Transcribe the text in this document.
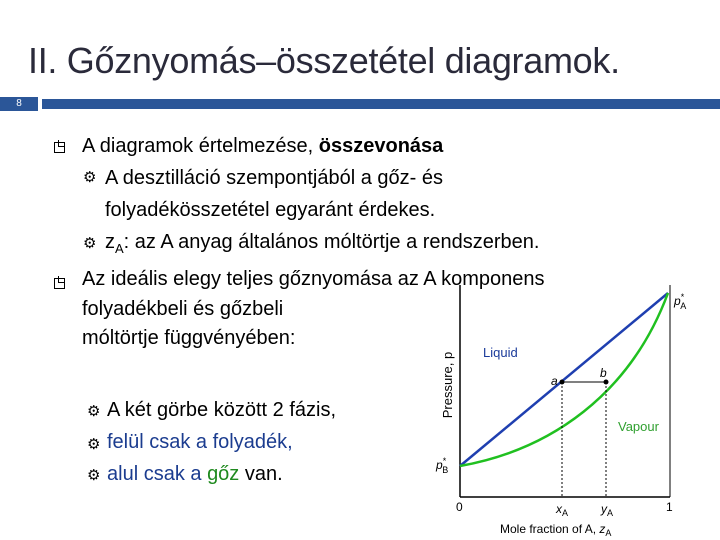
II. Gőznyomás–összetétel diagramok.
8
A diagramok értelmezése, összevonása
⚙ A desztilláció szempontjából a gőz- és
folyadékösszetétel egyaránt érdekes.
⚙ $z_A$: az A anyag általános móltörtje a rendszerben.
Az ideális elegy teljes gőznyomása az A komponens
folyadékbeli és gőzbeli
móltörtje függvényében:
⚙ A két görbe között 2 fázis,
⚙ felül csak a folyadék,
⚙ alul csak a gőz van.
a
b
Pressure, p Liquid
Vapour
p* A
p* B
0	1
$x_A$	$y_A$
Mole fraction of A, $z_A$
